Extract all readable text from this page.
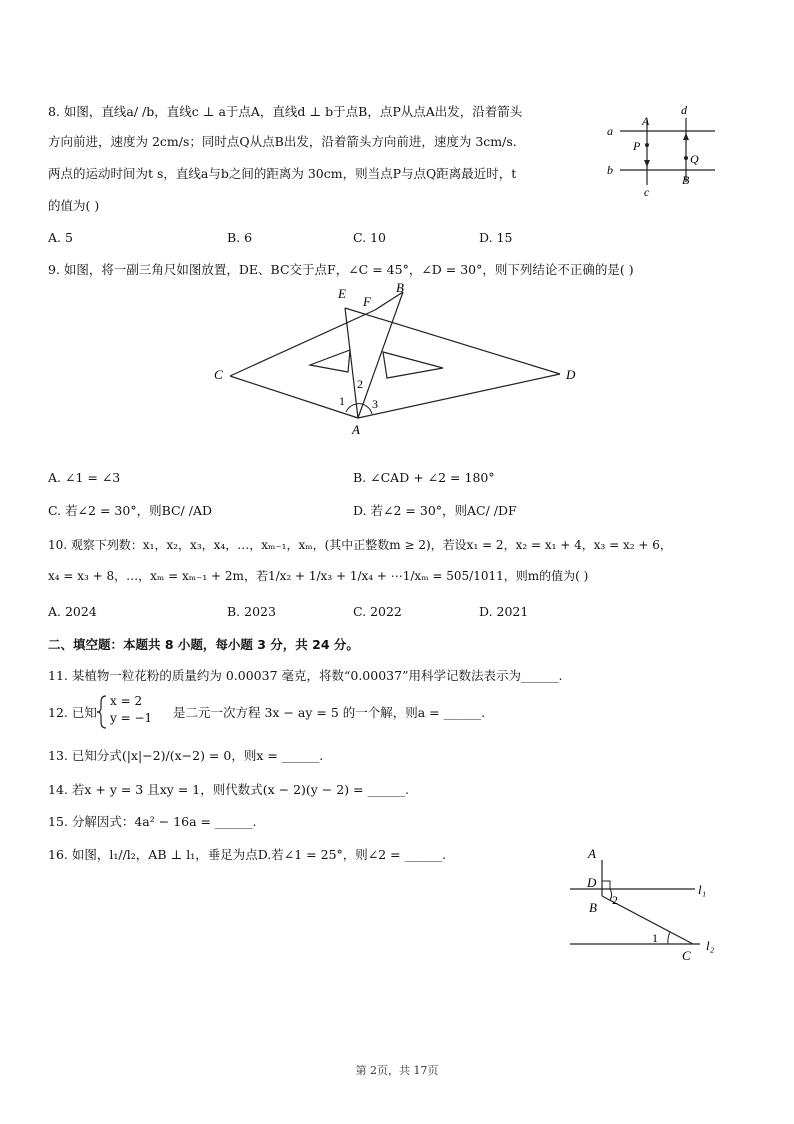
8. 如图，直线a/ /b，直线c ⊥ a于点A，直线d ⊥ b于点B，点P从点A出发，沿着箭头
方向前进，速度为 2cm/s；同时点Q从点B出发，沿着箭头方向前进，速度为 3cm/s.
两点的运动时间为t s，直线a与b之间的距离为 30cm，则当点P与点Q距离最近时，t
的值为( )
a
b
c
d
A
B
P
Q
A. 5	B. 6	C. 10	D. 15
9. 如图，将一副三角尺如图放置，DE、BC交于点F，∠C = 45°，∠D = 30°，则下列结论不正确的是( )
E
F
B
C	D
A
1
2
3
A. ∠1 = ∠3	B. ∠CAD + ∠2 = 180°
C. 若∠2 = 30°，则BC/ /AD	D. 若∠2 = 30°，则AC/ /DF
10. 观察下列数：x₁，x₂，x₃，x₄，…，xₘ₋₁，xₘ，(其中正整数m ≥ 2)，若设x₁ = 2，x₂ = x₁ + 4，x₃ = x₂ + 6，
x₄ = x₃ + 8，…，xₘ = xₘ₋₁ + 2m，若1/x₂ + 1/x₃ + 1/x₄ + ⋯1/xₘ = 505/1011，则m的值为( )
A. 2024	B. 2023	C. 2022	D. 2021
二、填空题：本题共 8 小题，每小题 3 分，共 24 分。
11. 某植物一粒花粉的质量约为 0.00037 毫克，将数“0.00037”用科学记数法表示为______.
12. 已知
x = 2
y = −1 是二元一次方程 3x − ay = 5 的一个解，则a = ______.
13. 已知分式(|x|−2)/(x−2) = 0，则x = ______.
14. 若x + y = 3 且xy = 1，则代数式(x − 2)(y − 2) = ______.
15. 分解因式：4a² − 16a = ______.
16. 如图，l₁//l₂，AB ⊥ l₁，垂足为点D.若∠1 = 25°，则∠2 = ______.	A
D
B
C
l₁
l₂
1
2
第 2页，共 17页
